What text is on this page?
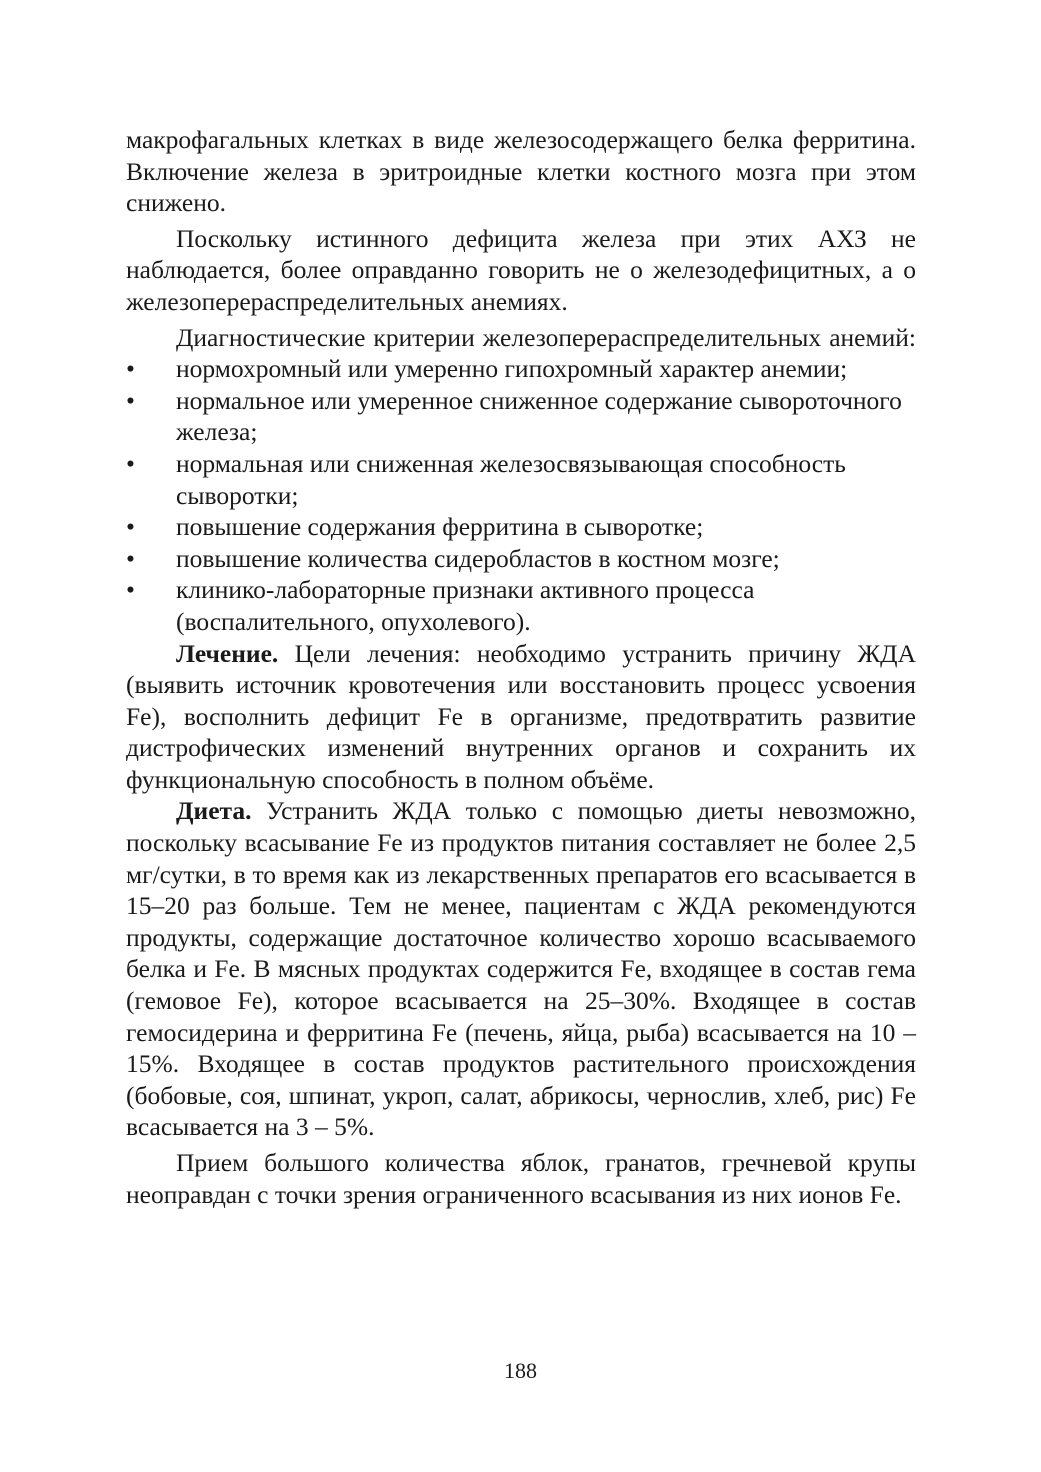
макрофагальных клетках в виде железосодержащего белка ферритина. Включение железа в эритроидные клетки костного мозга при этом снижено.

Поскольку истинного дефицита железа при этих АХЗ не наблюдается, более оправданно говорить не о железодефицитных, а о железоперераспределительных анемиях.

Диагностические критерии железоперераспределительных анемий:

• нормохромный или умеренно гипохромный характер анемии;
• нормальное или умеренное сниженное содержание сывороточного железа;
• нормальная или сниженная железосвязывающая способность сыворотки;
• повышение содержания ферритина в сыворотке;
• повышение количества сидеробластов в костном мозге;
• клинико-лабораторные признаки активного процесса (воспалительного, опухолевого).

Лечение. Цели лечения: необходимо устранить причину ЖДА (выявить источник кровотечения или восстановить процесс усвоения Fe), восполнить дефицит Fe в организме, предотвратить развитие дистрофических изменений внутренних органов и сохранить их функциональную способность в полном объёме.

Диета. Устранить ЖДА только с помощью диеты невозможно, поскольку всасывание Fe из продуктов питания составляет не более 2,5 мг/сутки, в то время как из лекарственных препаратов его всасывается в 15–20 раз больше. Тем не менее, пациентам с ЖДА рекомендуются продукты, содержащие достаточное количество хорошо всасываемого белка и Fe. В мясных продуктах содержится Fe, входящее в состав гема (гемовое Fe), которое всасывается на 25–30%. Входящее в состав гемосидерина и ферритина Fe (печень, яйца, рыба) всасывается на 10 – 15%. Входящее в состав продуктов растительного происхождения (бобовые, соя, шпинат, укроп, салат, абрикосы, чернослив, хлеб, рис) Fe всасывается на 3 – 5%.

Прием большого количества яблок, гранатов, гречневой крупы неоправдан с точки зрения ограниченного всасывания из них ионов Fe.

188
